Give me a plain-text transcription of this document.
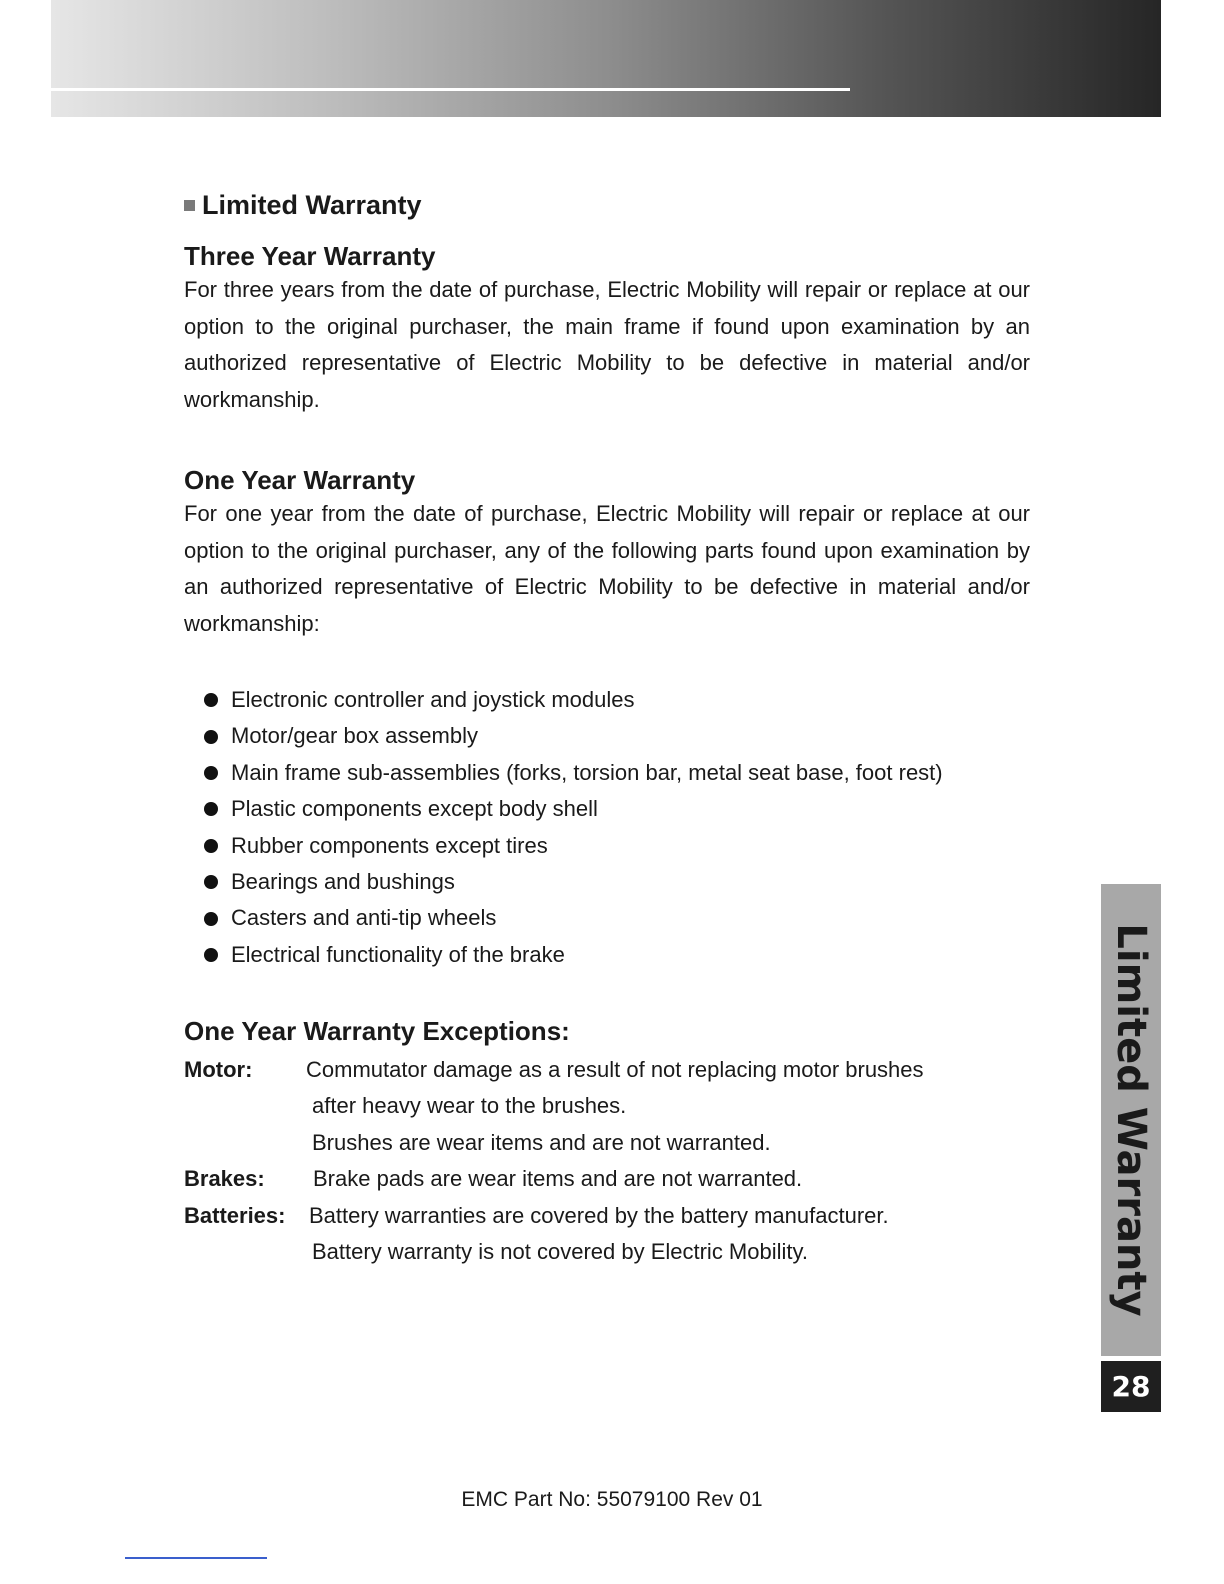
Limited Warranty
Three Year Warranty

For three years from the date of purchase, Electric Mobility will repair or replace at our option to the original purchaser, the main frame if found upon examination by an authorized representative of Electric Mobility to be defective in material and/or workmanship.

One Year Warranty

For one year from the date of purchase, Electric Mobility will repair or replace at our option to the original purchaser, any of the following parts found upon examination by an authorized representative of Electric Mobility to be defective in material and/or workmanship:

Electronic controller and joystick modules
Motor/gear box assembly
Main frame sub-assemblies (forks, torsion bar, metal seat base, foot rest)
Plastic components except body shell
Rubber components except tires
Bearings and bushings
Casters and anti-tip wheels
Electrical functionality of the brake
One Year Warranty Exceptions:
Motor: Commutator damage as a result of not replacing motor brushes
after heavy wear to the brushes.
Brushes are wear items and are not warranted.
Brakes: Brake pads are wear items and are not warranted.
Batteries: Battery warranties are covered by the battery manufacturer.
Battery warranty is not covered by Electric Mobility.	Limited Warranty
28
EMC Part No: 55079100 Rev 01
